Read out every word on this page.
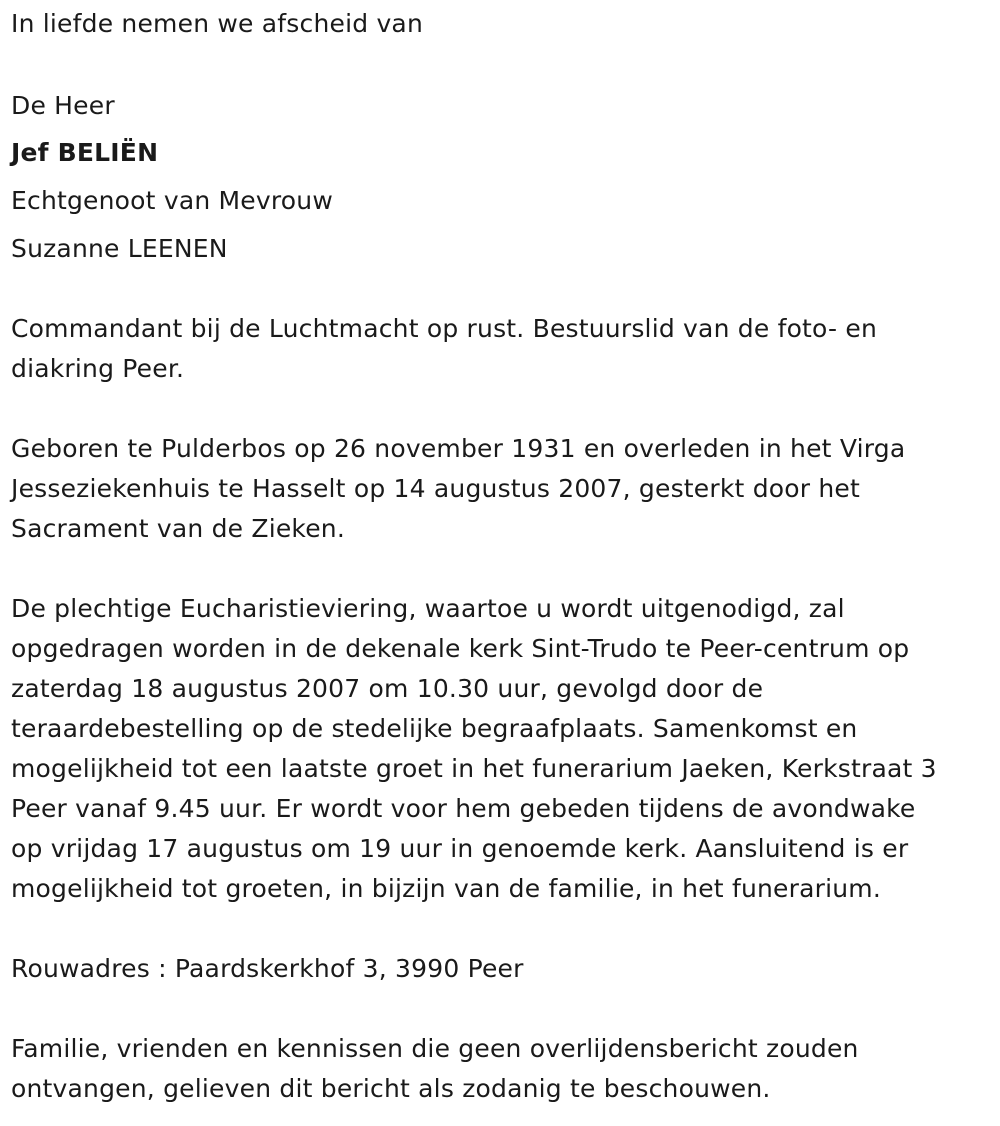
In liefde nemen we afscheid van
De Heer
Jef BELIËN
Echtgenoot van Mevrouw
Suzanne LEENEN
Commandant bij de Luchtmacht op rust. Bestuurslid van de foto- en
diakring Peer.
Geboren te Pulderbos op 26 november 1931 en overleden in het Virga
Jesseziekenhuis te Hasselt op 14 augustus 2007, gesterkt door het
Sacrament van de Zieken.
De plechtige Eucharistieviering, waartoe u wordt uitgenodigd, zal
opgedragen worden in de dekenale kerk Sint-Trudo te Peer-centrum op
zaterdag 18 augustus 2007 om 10.30 uur, gevolgd door de
teraardebestelling op de stedelijke begraafplaats. Samenkomst en
mogelijkheid tot een laatste groet in het funerarium Jaeken, Kerkstraat 3
Peer vanaf 9.45 uur. Er wordt voor hem gebeden tijdens de avondwake
op vrijdag 17 augustus om 19 uur in genoemde kerk. Aansluitend is er
mogelijkheid tot groeten, in bijzijn van de familie, in het funerarium.
Rouwadres : Paardskerkhof 3, 3990 Peer
Familie, vrienden en kennissen die geen overlijdensbericht zouden
ontvangen, gelieven dit bericht als zodanig te beschouwen.
